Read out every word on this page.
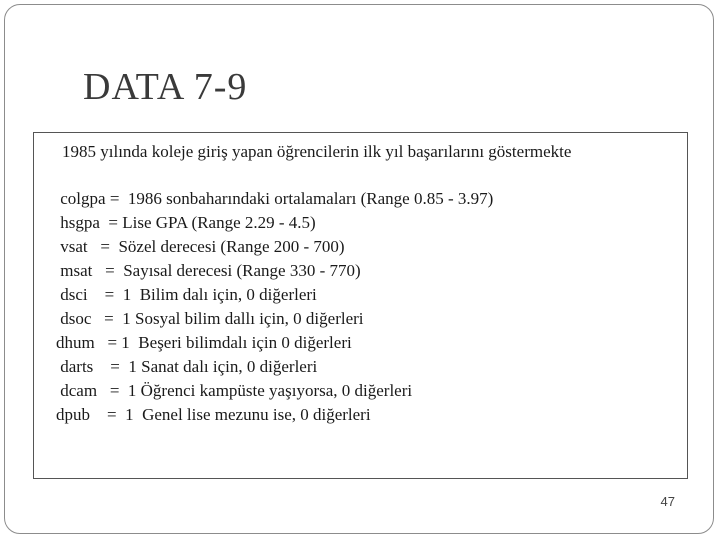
DATA 7-9
1985 yılında koleje giriş yapan öğrencilerin ilk yıl başarılarını göstermekte
colgpa =  1986 sonbaharındaki ortalamaları (Range 0.85 - 3.97)
hsgpa  = Lise GPA (Range 2.29 - 4.5)
vsat   =  Sözel derecesi (Range 200 - 700)
msat   =  Sayısal derecesi (Range 330 - 770)
dsci    =  1  Bilim dalı için, 0 diğerleri
dsoc   =  1 Sosyal bilim dallı için, 0 diğerleri
dhum   = 1  Beşeri bilimdalı için 0 diğerleri
darts    =  1 Sanat dalı için, 0 diğerleri
dcam   =  1 Öğrenci kampüste yaşıyorsa, 0 diğerleri
dpub    =  1  Genel lise mezunu ise, 0 diğerleri
47
